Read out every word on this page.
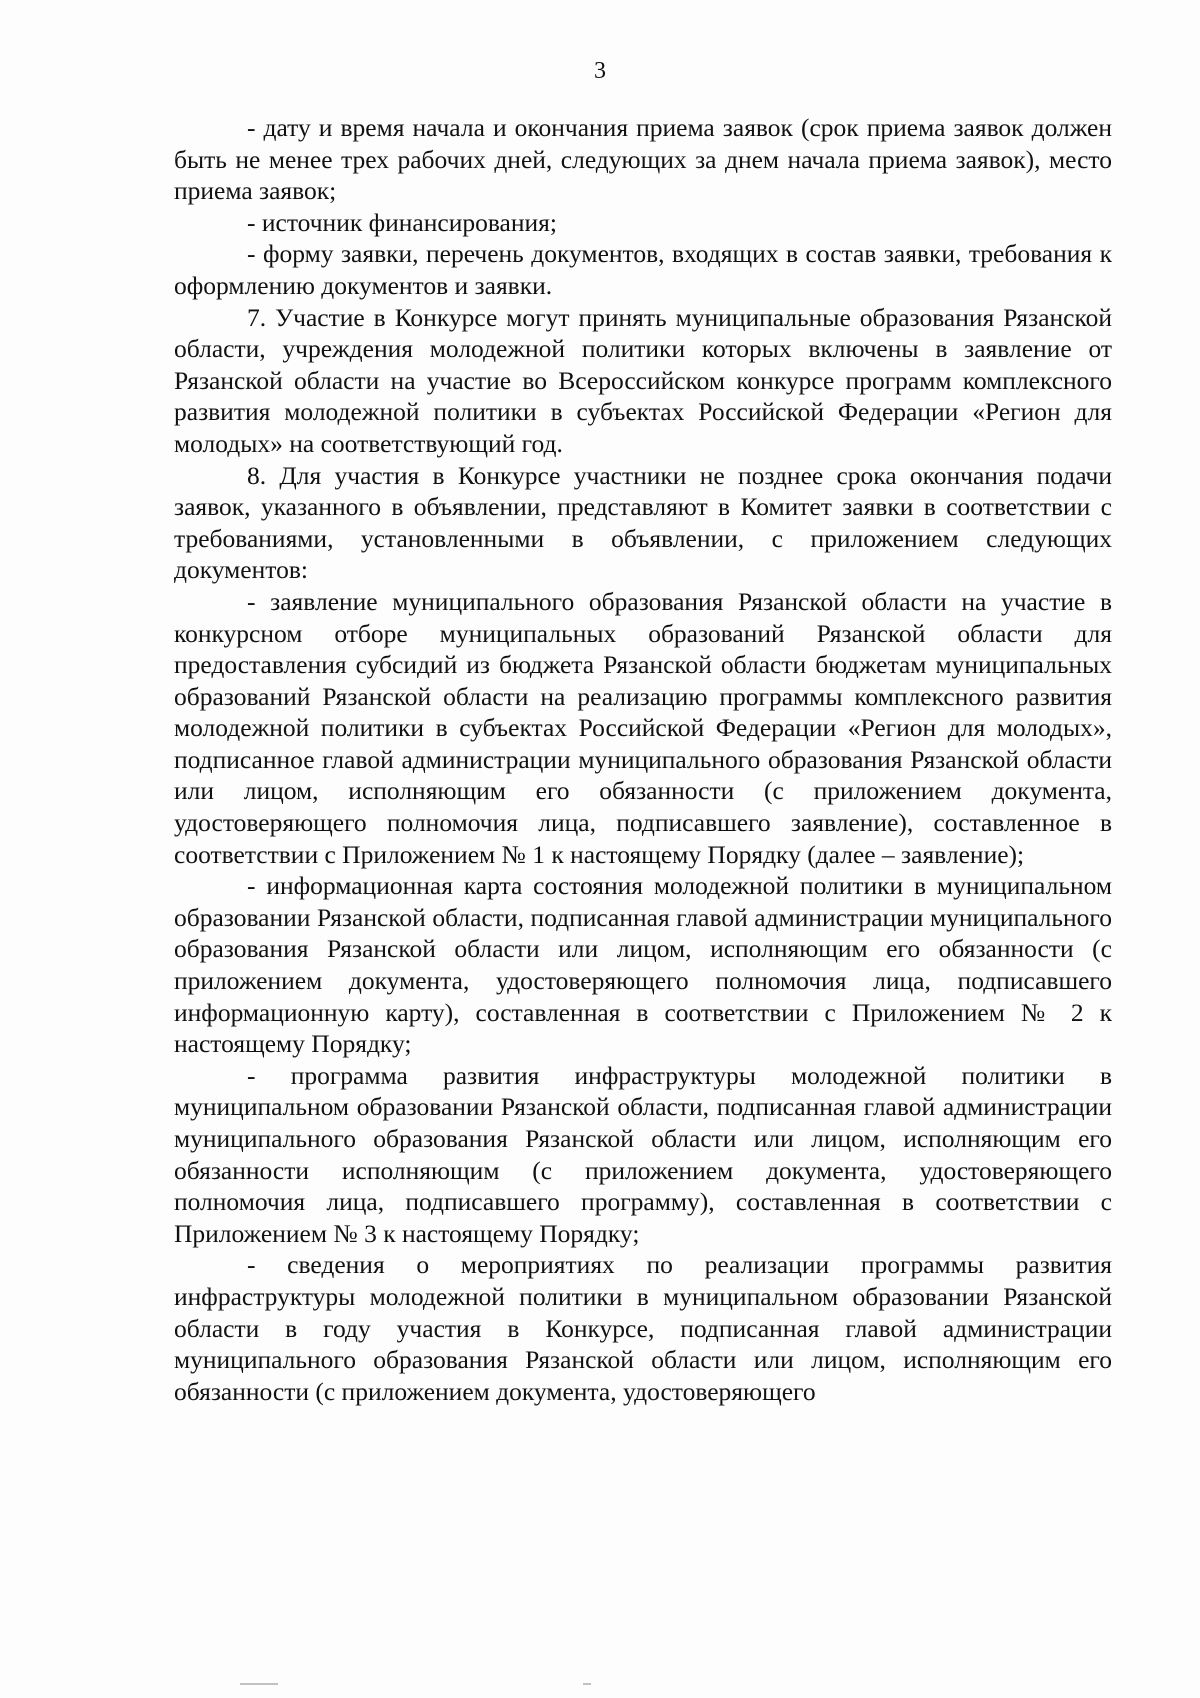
3

- дату и время начала и окончания приема заявок (срок приема заявок должен быть не менее трех рабочих дней, следующих за днем начала приема заявок), место приема заявок;

- источник финансирования;

- форму заявки, перечень документов, входящих в состав заявки, требования к оформлению документов и заявки.

7. Участие в Конкурсе могут принять муниципальные образования Рязанской области, учреждения молодежной политики которых включены в заявление от Рязанской области на участие во Всероссийском конкурсе программ комплексного развития молодежной политики в субъектах Российской Федерации «Регион для молодых» на соответствующий год.

8. Для участия в Конкурсе участники не позднее срока окончания подачи заявок, указанного в объявлении, представляют в Комитет заявки в соответствии с требованиями, установленными в объявлении, с приложением следующих документов:

- заявление муниципального образования Рязанской области на участие в конкурсном отборе муниципальных образований Рязанской области для предоставления субсидий из бюджета Рязанской области бюджетам муниципальных образований Рязанской области на реализацию программы комплексного развития молодежной политики в субъектах Российской Федерации «Регион для молодых», подписанное главой администрации муниципального образования Рязанской области или лицом, исполняющим его обязанности (с приложением документа, удостоверяющего полномочия лица, подписавшего заявление), составленное в соответствии с Приложением № 1 к настоящему Порядку (далее – заявление);

- информационная карта состояния молодежной политики в муниципальном образовании Рязанской области, подписанная главой администрации муниципального образования Рязанской области или лицом, исполняющим его обязанности (с приложением документа, удостоверяющего полномочия лица, подписавшего информационную карту), составленная в соответствии с Приложением № 2 к настоящему Порядку;

- программа развития инфраструктуры молодежной политики в муниципальном образовании Рязанской области, подписанная главой администрации муниципального образования Рязанской области или лицом, исполняющим его обязанности исполняющим (с приложением документа, удостоверяющего полномочия лица, подписавшего программу), составленная в соответствии с Приложением № 3 к настоящему Порядку;

- сведения о мероприятиях по реализации программы развития инфраструктуры молодежной политики в муниципальном образовании Рязанской области в году участия в Конкурсе, подписанная главой администрации муниципального образования Рязанской области или лицом, исполняющим его обязанности (с приложением документа, удостоверяющего
